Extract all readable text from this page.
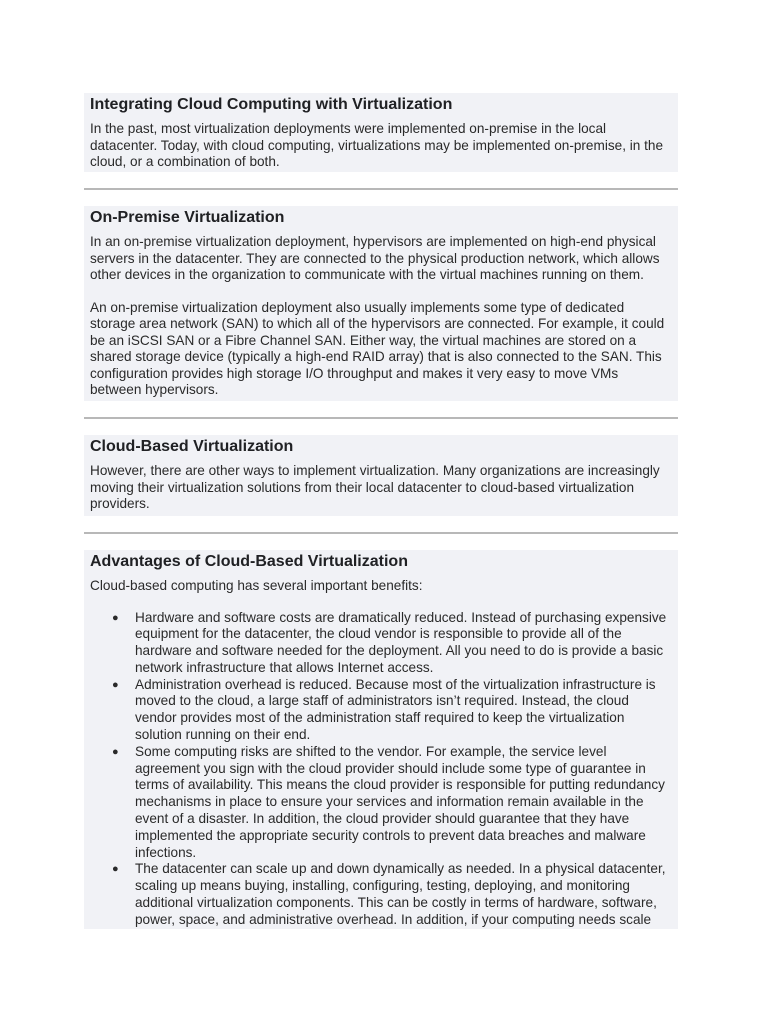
Integrating Cloud Computing with Virtualization

In the past, most virtualization deployments were implemented on-premise in the local datacenter. Today, with cloud computing, virtualizations may be implemented on-premise, in the cloud, or a combination of both.

On-Premise Virtualization

In an on-premise virtualization deployment, hypervisors are implemented on high-end physical servers in the datacenter. They are connected to the physical production network, which allows other devices in the organization to communicate with the virtual machines running on them.

An on-premise virtualization deployment also usually implements some type of dedicated storage area network (SAN) to which all of the hypervisors are connected. For example, it could be an iSCSI SAN or a Fibre Channel SAN. Either way, the virtual machines are stored on a shared storage device (typically a high-end RAID array) that is also connected to the SAN. This configuration provides high storage I/O throughput and makes it very easy to move VMs between hypervisors.

Cloud-Based Virtualization

However, there are other ways to implement virtualization. Many organizations are increasingly moving their virtualization solutions from their local datacenter to cloud-based virtualization providers.

Advantages of Cloud-Based Virtualization

Cloud-based computing has several important benefits:

● Hardware and software costs are dramatically reduced. Instead of purchasing expensive equipment for the datacenter, the cloud vendor is responsible to provide all of the hardware and software needed for the deployment. All you need to do is provide a basic network infrastructure that allows Internet access.
● Administration overhead is reduced. Because most of the virtualization infrastructure is moved to the cloud, a large staff of administrators isn’t required. Instead, the cloud vendor provides most of the administration staff required to keep the virtualization solution running on their end.
● Some computing risks are shifted to the vendor. For example, the service level agreement you sign with the cloud provider should include some type of guarantee in terms of availability. This means the cloud provider is responsible for putting redundancy mechanisms in place to ensure your services and information remain available in the event of a disaster. In addition, the cloud provider should guarantee that they have implemented the appropriate security controls to prevent data breaches and malware infections.
● The datacenter can scale up and down dynamically as needed. In a physical datacenter, scaling up means buying, installing, configuring, testing, deploying, and monitoring additional virtualization components. This can be costly in terms of hardware, software, power, space, and administrative overhead. In addition, if your computing needs scale
